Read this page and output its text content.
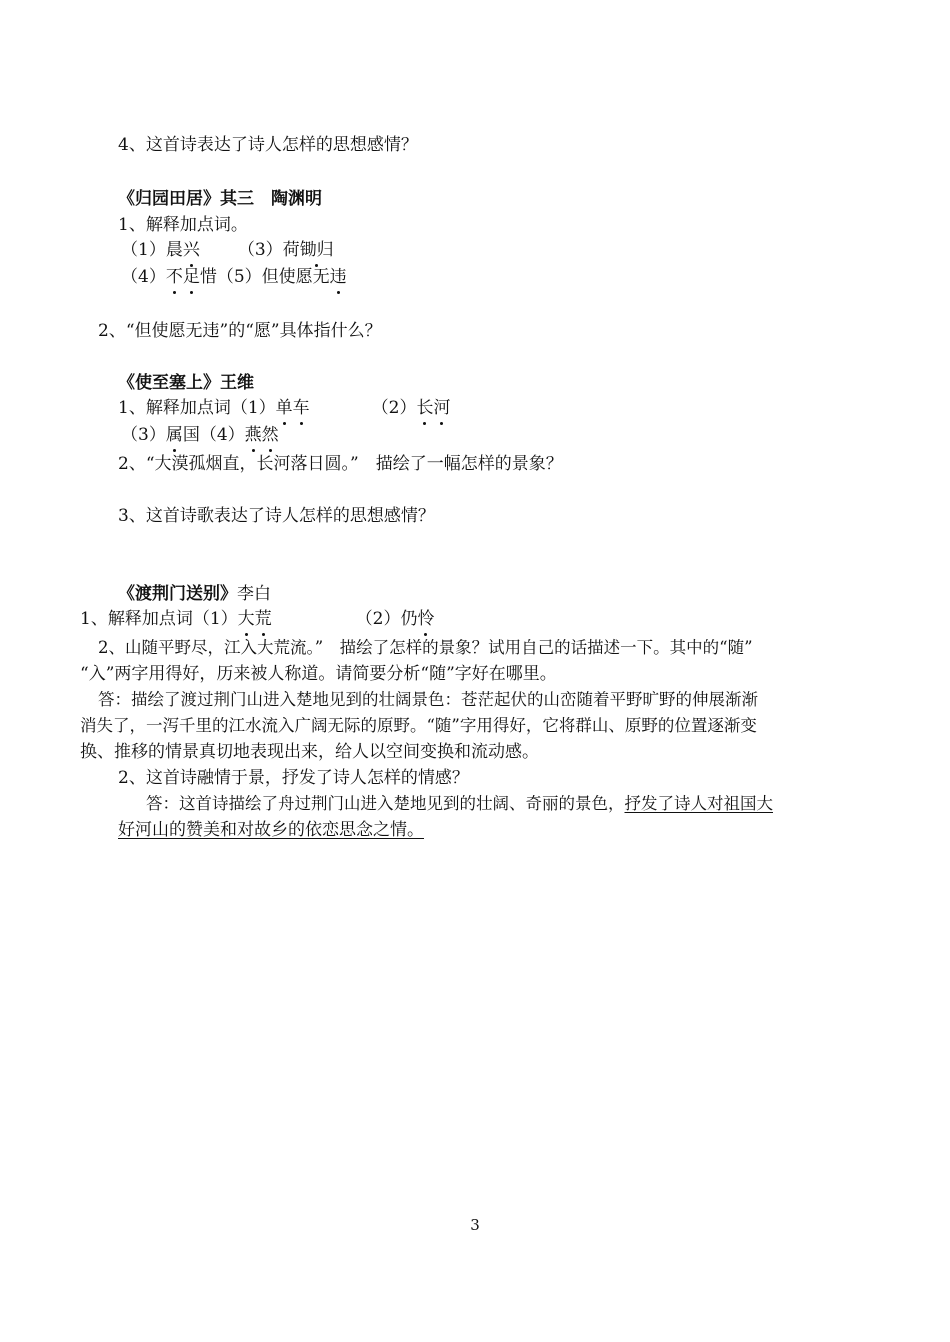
4、这首诗表达了诗人怎样的思想感情？
《归园田居》其三　陶渊明
1、解释加点词。
（1）晨兴 （3）荷锄归
（4）不足惜（5）但使愿无违
2、“但使愿无违”的“愿”具体指什么？
《使至塞上》王维
1、解释加点词（1）单车	（2）长河
（3）属国（4）燕然
2、“大漠孤烟直，长河落日圆。”　描绘了一幅怎样的景象？
3、这首诗歌表达了诗人怎样的思想感情？
《渡荆门送别》李白
1、解释加点词（1）大荒	（2）仍怜
2、山随平野尽，江入大荒流。”　描绘了怎样的景象？试用自己的话描述一下。其中的“随”
“入”两字用得好，历来被人称道。请简要分析“随”字好在哪里。
答：描绘了渡过荆门山进入楚地见到的壮阔景色：苍茫起伏的山峦随着平野旷野的伸展渐渐
消失了，一泻千里的江水流入广阔无际的原野。“随”字用得好，它将群山、原野的位置逐渐变
换、推移的情景真切地表现出来，给人以空间变换和流动感。
2、这首诗融情于景，抒发了诗人怎样的情感？
答：这首诗描绘了舟过荆门山进入楚地见到的壮阔、奇丽的景色，抒发了诗人对祖国大
好河山的赞美和对故乡的依恋思念之情。
3
